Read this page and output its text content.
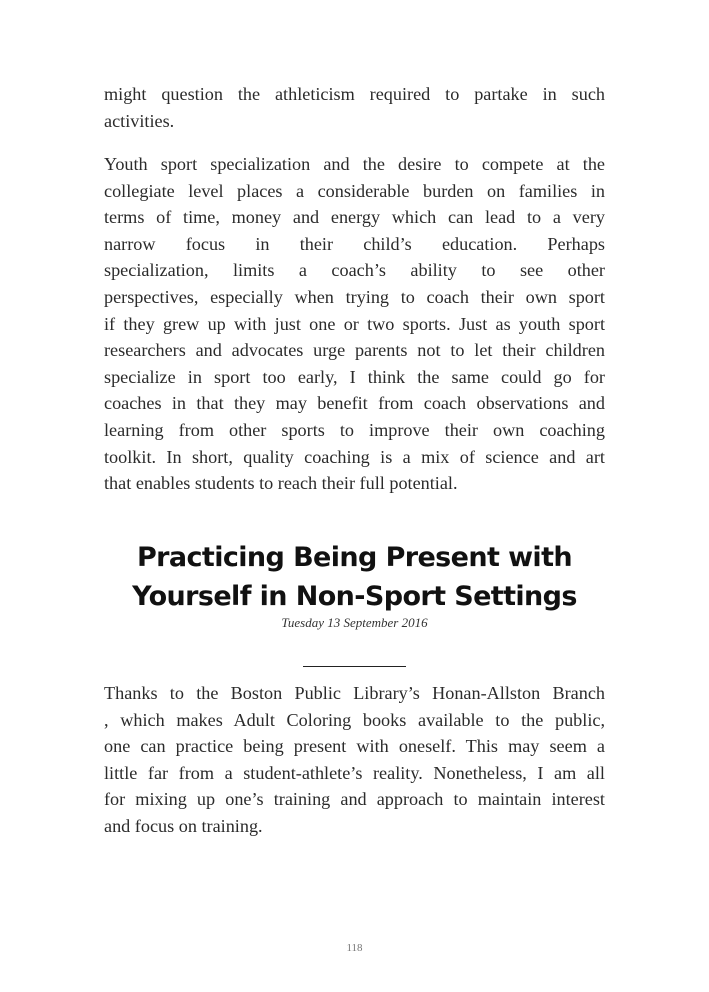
might question the athleticism required to partake in such
activities.
Youth sport specialization and the desire to compete at the
collegiate level places a considerable burden on families in
terms of time, money and energy which can lead to a very
narrow focus in their child’s education. Perhaps
specialization, limits a coach’s ability to see other
perspectives, especially when trying to coach their own sport
if they grew up with just one or two sports. Just as youth sport
researchers and advocates urge parents not to let their children
specialize in sport too early, I think the same could go for
coaches in that they may benefit from coach observations and
learning from other sports to improve their own coaching
toolkit. In short, quality coaching is a mix of science and art
that enables students to reach their full potential.
Practicing Being Present with
Yourself in Non-Sport Settings
Tuesday 13 September 2016
Thanks to the Boston Public Library’s Honan-Allston Branch
, which makes Adult Coloring books available to the public,
one can practice being present with oneself. This may seem a
little far from a student-athlete’s reality. Nonetheless, I am all
for mixing up one’s training and approach to maintain interest
and focus on training.
118
